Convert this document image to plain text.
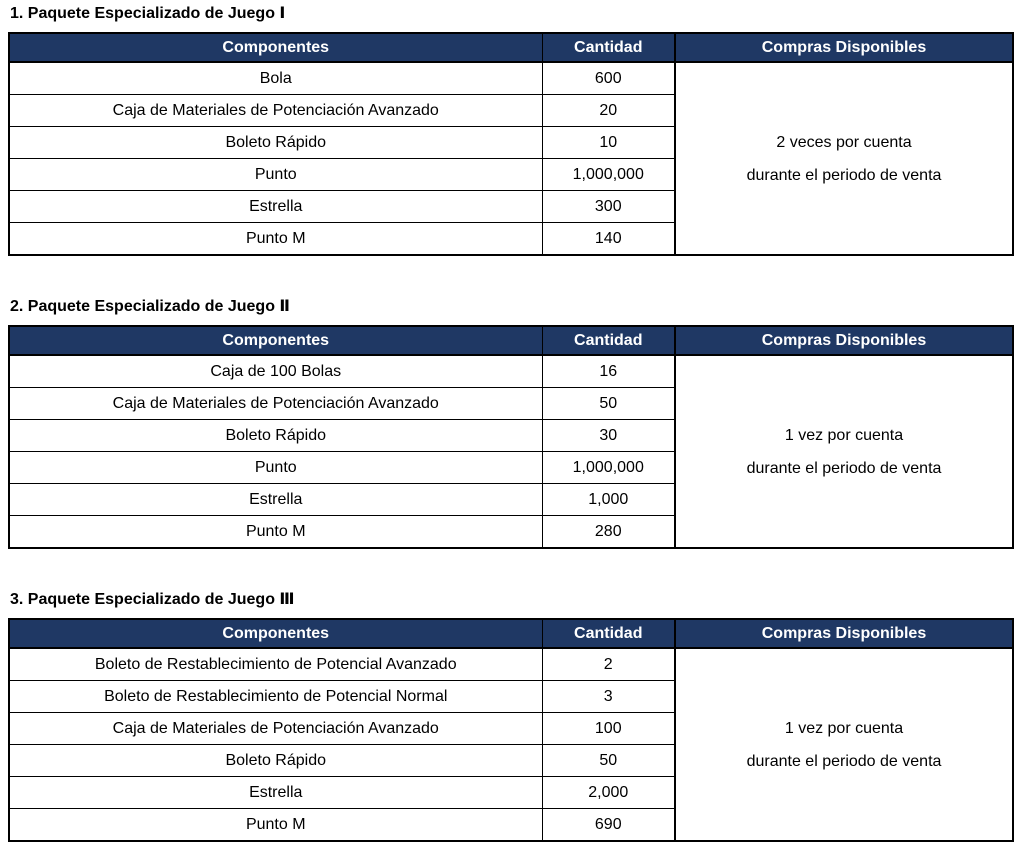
1. Paquete Especializado de Juego Ⅰ
Componentes	Cantidad	Compras Disponibles
Bola	600	2 veces por cuenta
durante el periodo de venta

Caja de Materiales de Potenciación Avanzado	20	
Boleto Rápido	10	
Punto	1,000,000	
Estrella	300	
Punto M	140	
2. Paquete Especializado de Juego Ⅱ
Componentes	Cantidad	Compras Disponibles
Caja de 100 Bolas	16	1 vez por cuenta
durante el periodo de venta

Caja de Materiales de Potenciación Avanzado	50	
Boleto Rápido	30	
Punto	1,000,000	
Estrella	1,000	
Punto M	280	
3. Paquete Especializado de Juego Ⅲ
Componentes	Cantidad	Compras Disponibles
Boleto de Restablecimiento de Potencial Avanzado	2	1 vez por cuenta
durante el periodo de venta

Boleto de Restablecimiento de Potencial Normal	3	
Caja de Materiales de Potenciación Avanzado	100	
Boleto Rápido	50	
Estrella	2,000	
Punto M	690	
